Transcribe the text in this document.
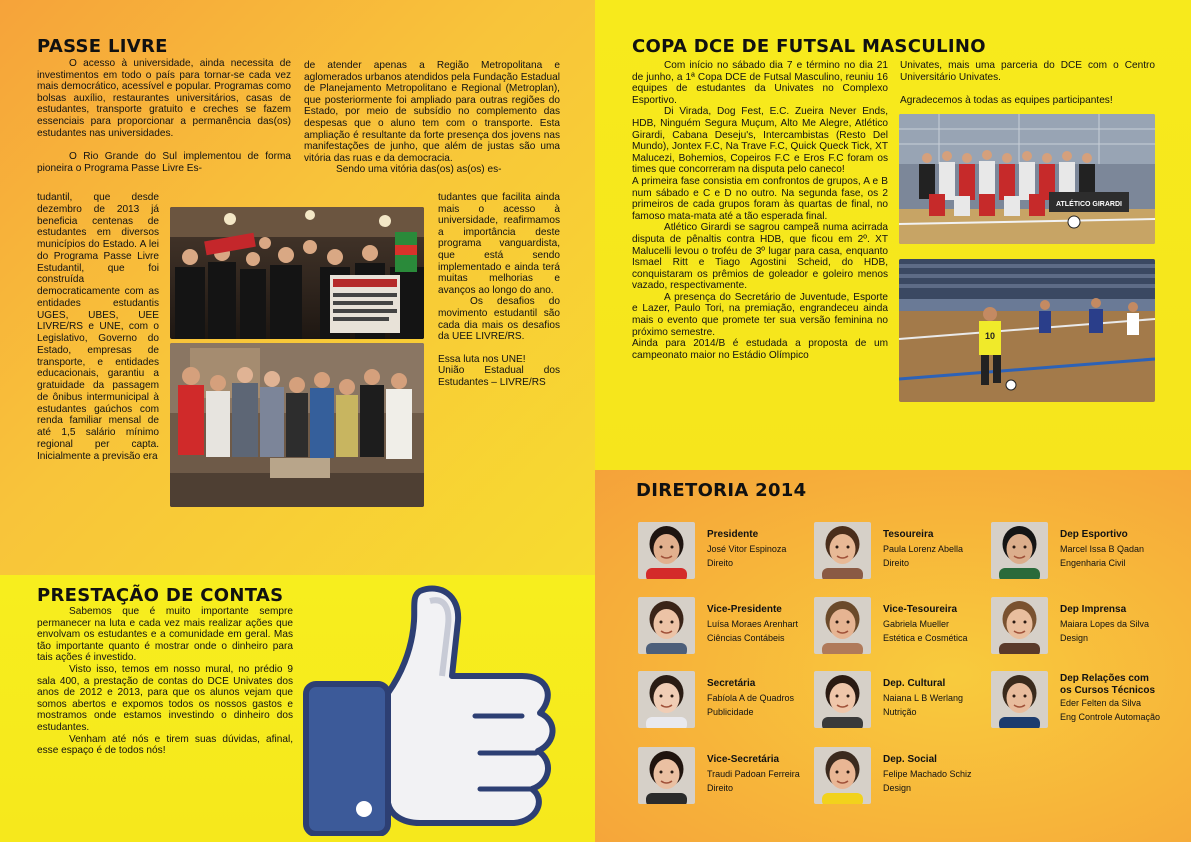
PASSE LIVRE

O acesso à universidade, ainda necessita de investimentos em todo o país para tornar-se cada vez mais democrático, acessível e popular. Programas como bolsas auxílio, restaurantes universitários, casas de estudantes, transporte gratuito e creches se fazem essenciais para proporcionar a permanência das(os) estudantes nas universidades.

O Rio Grande do Sul implementou de forma pioneira o Programa Passe Livre Es-

tudantil, que desde dezembro de 2013 já beneficia centenas de estudantes em diversos municípios do Estado. A lei do Programa Passe Livre Estudantil, que foi construída democraticamente com as entidades estudantis UGES, UBES, UEE LIVRE/RS e UNE, com o Legislativo, Governo do Estado, empresas de transporte, e entidades educacionais, garantiu a gratuidade da passagem de ônibus intermunicipal à estudantes gaúchos com renda familiar mensal de até 1,5 salário mínimo regional per capta. Inicialmente a previsão era

de atender apenas a Região Metropolitana e aglomerados urbanos atendidos pela Fundação Estadual de Planejamento Metropolitano e Regional (Metroplan), que posteriormente foi ampliado para outras regiões do Estado, por meio de subsídio no complemento das despesas que o aluno tem com o transporte. Esta ampliação é resultante da forte presença dos jovens nas manifestações de junho, que além de justas são uma vitória das ruas e da democracia.

Sendo uma vitória das(os) as(os) es-

tudantes que facilita ainda mais o acesso à universidade, reafirmamos a importância deste programa vanguardista, que está sendo implementado e ainda terá muitas melhorias e avanços ao longo do ano.

Os desafios do movimento estudantil são cada dia mais os desafios da UEE LIVRE/RS.

Essa luta nos UNE!

União Estadual dos Estudantes – LIVRE/RS

PRESTAÇÃO DE CONTAS

Sabemos que é muito importante sempre permanecer na luta e cada vez mais realizar ações que envolvam os estudantes e a comunidade em geral. Mas tão importante quanto é mostrar onde o dinheiro para tais ações é investido.

Visto isso, temos em nosso mural, no prédio 9 sala 400, a prestação de contas do DCE Univates dos anos de 2012 e 2013, para que os alunos vejam que somos abertos e expomos todos os nossos gastos e mostramos onde estamos investindo o dinheiro dos estudantes.

Venham até nós e tirem suas dúvidas, afinal, esse espaço é de todos nós!

COPA DCE DE FUTSAL MASCULINO

Com início no sábado dia 7 e término no dia 21 de junho, a 1ª Copa DCE de Futsal Masculino, reuniu 16 equipes de estudantes da Univates no Complexo Esportivo.

Di Virada, Dog Fest, E.C. Zueira Never Ends, HDB, Ninguém Segura Muçum, Alto Me Alegre, Atlético Girardi, Cabana Deseju's, Intercambistas (Resto Del Mundo), Jontex F.C, Na Trave F.C, Quick Queck Tick, XT Malucezi, Bohemios, Copeiros F.C e Eros F.C foram os times que concorreram na disputa pelo caneco!

A primeira fase consistia em confrontos de grupos, A e B num sábado e C e D no outro. Na segunda fase, os 2 primeiros de cada grupos foram às quartas de final, no famoso mata-mata até a tão esperada final.

Atlético Girardi se sagrou campeã numa acirrada disputa de pênaltis contra HDB, que ficou em 2º. XT Malucelli levou o troféu de 3º lugar para casa, enquanto Ismael Ritt e Tiago Agostini Scheid, do HDB, conquistaram os prêmios de goleador e goleiro menos vazado, respectivamente.

A presença do Secretário de Juventude, Esporte e Lazer, Paulo Tori, na premiação, engrandeceu ainda mais o evento que promete ter sua versão feminina no próximo semestre.

Ainda para 2014/B é estudada a proposta de um campeonato maior no Estádio Olímpico

Univates, mais uma parceria do DCE com o Centro Universitário Univates.

Agradecemos à todas as equipes participantes!

ATLÉTICO GIRARDI
10
DIRETORIA 2014
Presidente
José Vitor Espinoza
Direito
Vice-Presidente
Luísa Moraes Arenhart
Ciências Contábeis
Secretária
Fabíola A de Quadros
Publicidade
Vice-Secretária
Traudi Padoan Ferreira
Direito
Tesoureira
Paula Lorenz Abella
Direito
Vice-Tesoureira
Gabriela Mueller
Estética e Cosmética
Dep. Cultural
Naiana L B Werlang
Nutrição
Dep. Social
Felipe Machado Schiz
Design
Dep Esportivo
Marcel Issa B Qadan
Engenharia Civil
Dep Imprensa
Maiara Lopes da Silva
Design
Dep Relações com os Cursos Técnicos
Eder Felten da Silva
Eng Controle Automação
